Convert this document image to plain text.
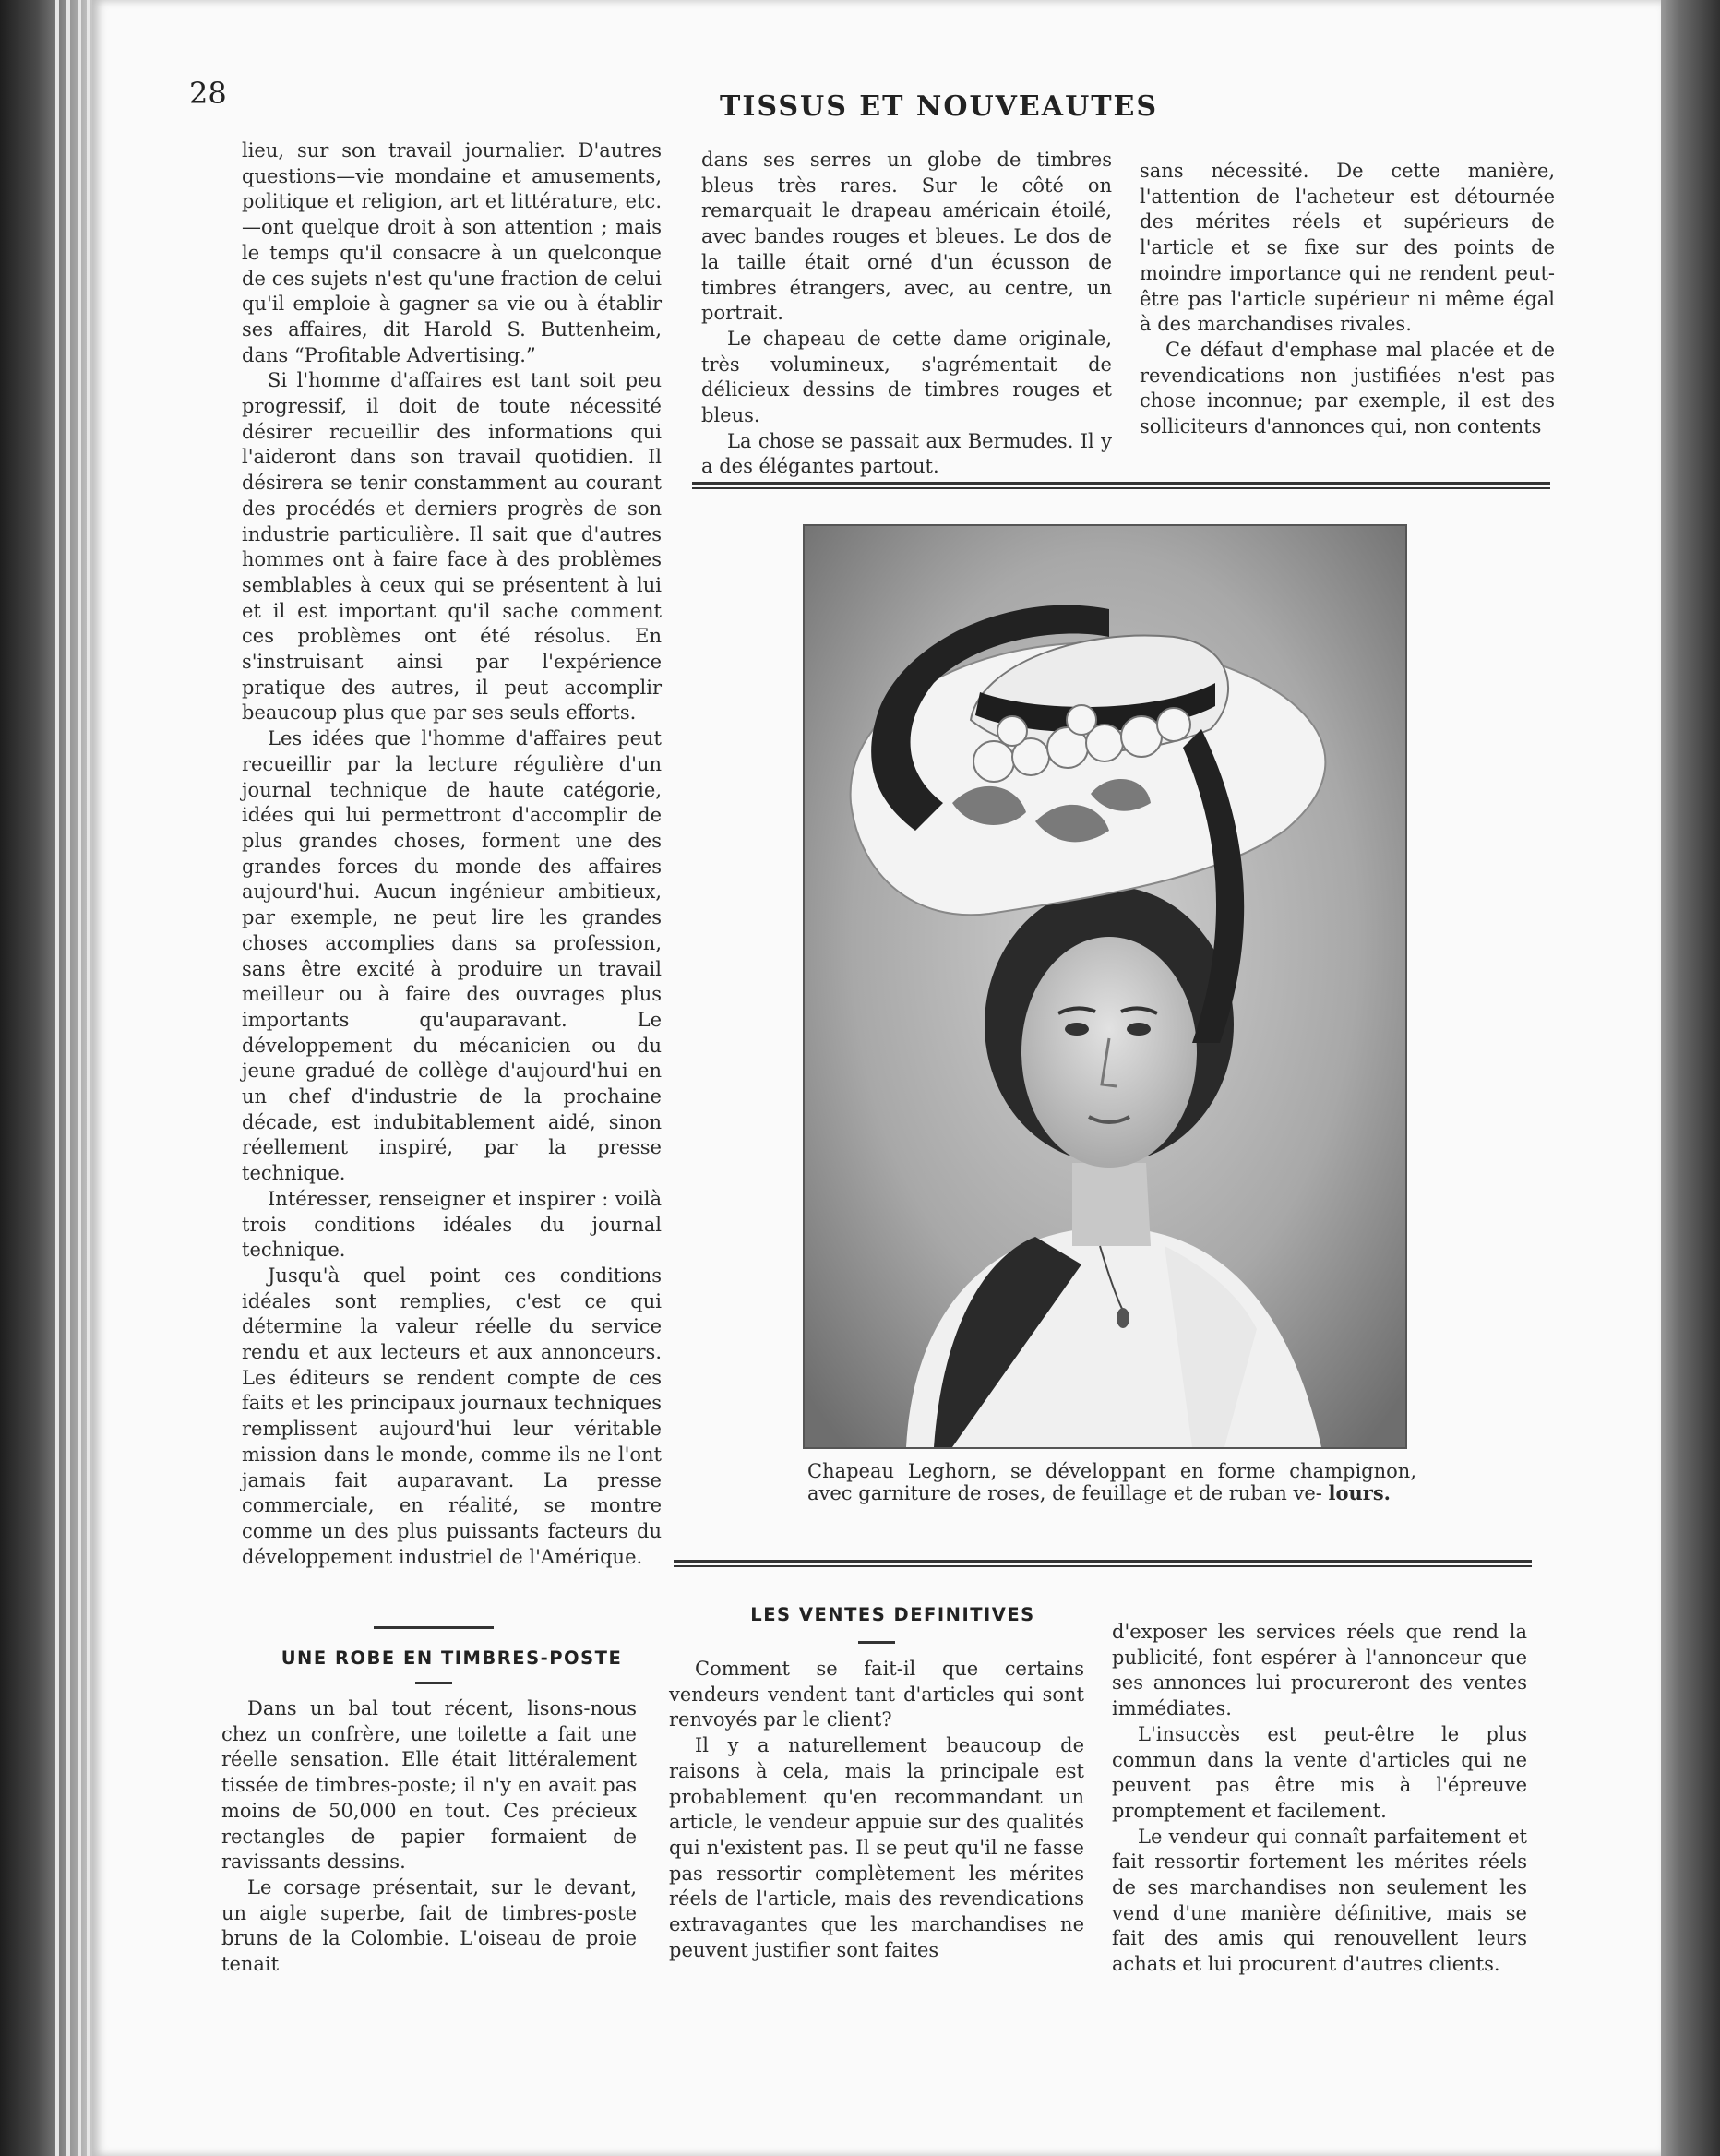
28	TISSUS ET NOUVEAUTES

lieu, sur son travail journalier. D'autres questions—vie mondaine et amusements, politique et religion, art et littérature, etc.—ont quelque droit à son attention ; mais le temps qu'il consacre à un quelconque de ces sujets n'est qu'une fraction de celui qu'il emploie à gagner sa vie ou à établir ses affaires, dit Harold S. Buttenheim, dans “Profitable Advertising.”

Si l'homme d'affaires est tant soit peu progressif, il doit de toute nécessité désirer recueillir des informations qui l'aideront dans son travail quotidien. Il désirera se tenir constamment au courant des procédés et derniers progrès de son industrie particulière. Il sait que d'autres hommes ont à faire face à des problèmes semblables à ceux qui se présentent à lui et il est important qu'il sache comment ces problèmes ont été résolus. En s'instruisant ainsi par l'expérience pratique des autres, il peut accomplir beaucoup plus que par ses seuls efforts.

Les idées que l'homme d'affaires peut recueillir par la lecture régulière d'un journal technique de haute catégorie, idées qui lui permettront d'accomplir de plus grandes choses, forment une des grandes forces du monde des affaires aujourd'hui. Aucun ingénieur ambitieux, par exemple, ne peut lire les grandes choses accomplies dans sa profession, sans être excité à produire un travail meilleur ou à faire des ouvrages plus importants qu'auparavant. Le développement du mécanicien ou du jeune gradué de collège d'aujourd'hui en un chef d'industrie de la prochaine décade, est indubitablement aidé, sinon réellement inspiré, par la presse technique.

Intéresser, renseigner et inspirer : voilà trois conditions idéales du journal technique.

Jusqu'à quel point ces conditions idéales sont remplies, c'est ce qui détermine la valeur réelle du service rendu et aux lecteurs et aux annonceurs. Les éditeurs se rendent compte de ces faits et les principaux journaux techniques remplissent aujourd'hui leur véritable mission dans le monde, comme ils ne l'ont jamais fait auparavant. La presse commerciale, en réalité, se montre comme un des plus puissants facteurs du développement industriel de l'Amérique.

UNE ROBE EN TIMBRES-POSTE

Dans un bal tout récent, lisons-nous chez un confrère, une toilette a fait une réelle sensation. Elle était littéralement tissée de timbres-poste; il n'y en avait pas moins de 50,000 en tout. Ces précieux rectangles de papier formaient de ravissants dessins.

Le corsage présentait, sur le devant, un aigle superbe, fait de timbres-poste bruns de la Colombie. L'oiseau de proie tenait

dans ses serres un globe de timbres bleus très rares. Sur le côté on remarquait le drapeau américain étoilé, avec bandes rouges et bleues. Le dos de la taille était orné d'un écusson de timbres étrangers, avec, au centre, un portrait.

Le chapeau de cette dame originale, très volumineux, s'agrémentait de délicieux dessins de timbres rouges et bleus.

La chose se passait aux Bermudes. Il y a des élégantes partout.

sans nécessité. De cette manière, l'attention de l'acheteur est détournée des mérites réels et supérieurs de l'article et se fixe sur des points de moindre importance qui ne rendent peut-être pas l'article supérieur ni même égal à des marchandises rivales.

Ce défaut d'emphase mal placée et de revendications non justifiées n'est pas chose inconnue; par exemple, il est des solliciteurs d'annonces qui, non contents

Chapeau Leghorn, se développant en forme champignon, avec garniture de roses, de feuillage et de ruban ve- lours.
LES VENTES DEFINITIVES

Comment se fait-il que certains vendeurs vendent tant d'articles qui sont renvoyés par le client?

Il y a naturellement beaucoup de raisons à cela, mais la principale est probablement qu'en recommandant un article, le vendeur appuie sur des qualités qui n'existent pas. Il se peut qu'il ne fasse pas ressortir complètement les mérites réels de l'article, mais des revendications extravagantes que les marchandises ne peuvent justifier sont faites

d'exposer les services réels que rend la publicité, font espérer à l'annonceur que ses annonces lui procureront des ventes immédiates.

L'insuccès est peut-être le plus commun dans la vente d'articles qui ne peuvent pas être mis à l'épreuve promptement et facilement.

Le vendeur qui connaît parfaitement et fait ressortir fortement les mérites réels de ses marchandises non seulement les vend d'une manière définitive, mais se fait des amis qui renouvellent leurs achats et lui procurent d'autres clients.
